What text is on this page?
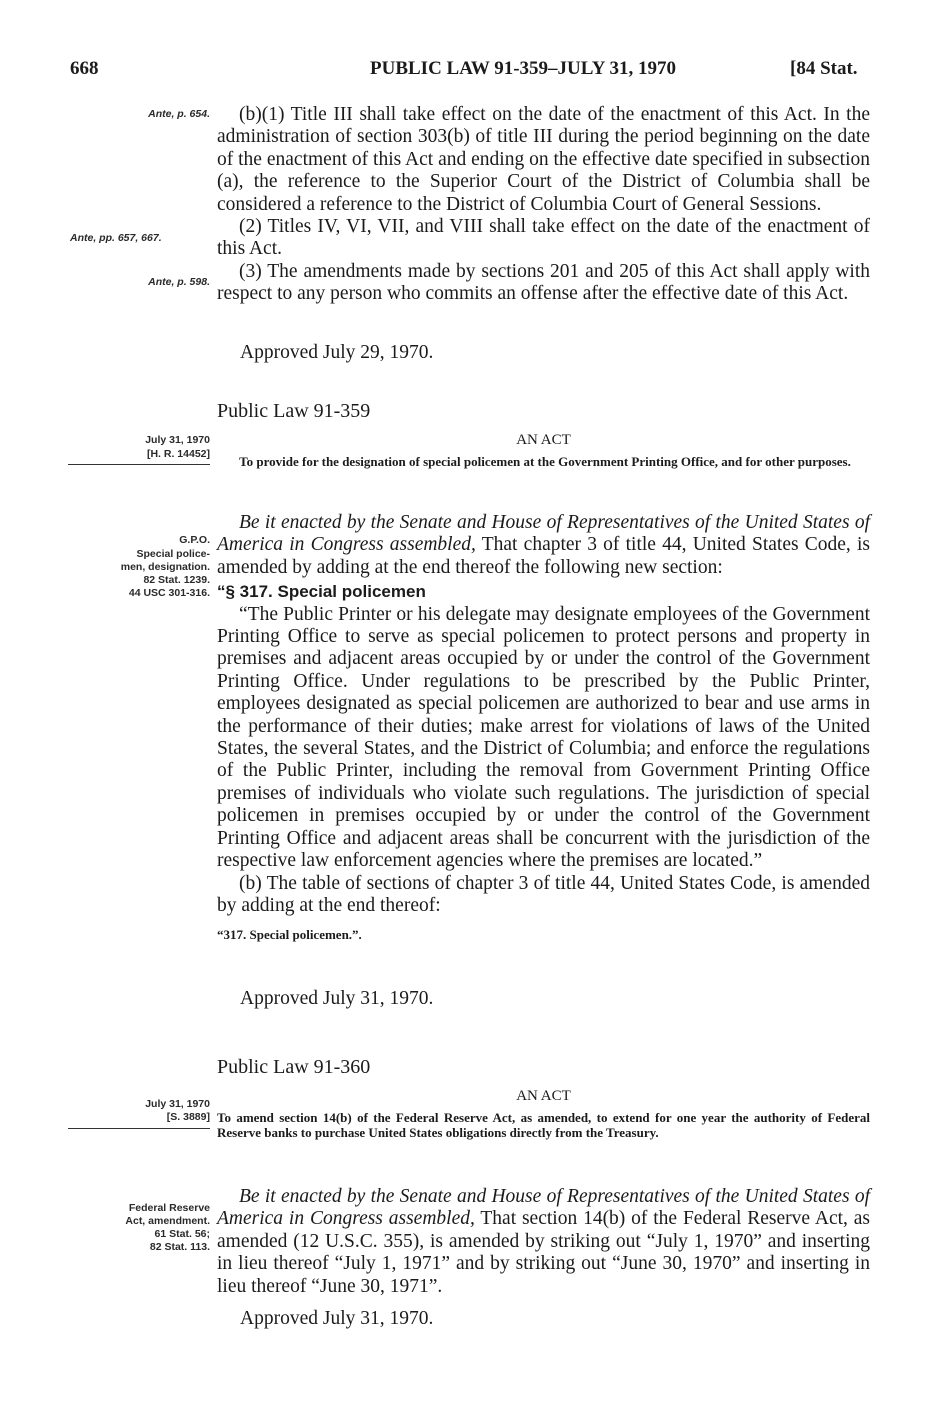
668	PUBLIC LAW 91-359–JULY 31, 1970	[84 Stat.
Ante, p. 654.
Ante, pp. 657, 667.
Ante, p. 598.

(b)(1) Title III shall take effect on the date of the enactment of this Act. In the administration of section 303(b) of title III during the period beginning on the date of the enactment of this Act and ending on the effective date specified in subsection (a), the reference to the Superior Court of the District of Columbia shall be considered a reference to the District of Columbia Court of General Sessions.

(2) Titles IV, VI, VII, and VIII shall take effect on the date of the enactment of this Act.

(3) The amendments made by sections 201 and 205 of this Act shall apply with respect to any person who commits an offense after the effective date of this Act.

Approved July 29, 1970.
Public Law 91-359
July 31, 1970
[H. R. 14452]
AN ACT
To provide for the designation of special policemen at the Government Printing Office, and for other purposes.
G.P.O.
Special police-
men, designation.
82 Stat. 1239.
44 USC 301-316.

Be it enacted by the Senate and House of Representatives of the United States of America in Congress assembled, That chapter 3 of title 44, United States Code, is amended by adding at the end thereof the following new section:

“§ 317. Special policemen

“The Public Printer or his delegate may designate employees of the Government Printing Office to serve as special policemen to protect persons and property in premises and adjacent areas occupied by or under the control of the Government Printing Office. Under regulations to be prescribed by the Public Printer, employees designated as special policemen are authorized to bear and use arms in the performance of their duties; make arrest for violations of laws of the United States, the several States, and the District of Columbia; and enforce the regulations of the Public Printer, including the removal from Government Printing Office premises of individuals who violate such regulations. The jurisdiction of special policemen in premises occupied by or under the control of the Government Printing Office and adjacent areas shall be concurrent with the jurisdiction of the respective law enforcement agencies where the premises are located.”

(b) The table of sections of chapter 3 of title 44, United States Code, is amended by adding at the end thereof:

“317. Special policemen.”.

Approved July 31, 1970.
Public Law 91-360
July 31, 1970
[S. 3889]
AN ACT
To amend section 14(b) of the Federal Reserve Act, as amended, to extend for one year the authority of Federal Reserve banks to purchase United States obligations directly from the Treasury.
Federal Reserve
Act, amendment.
61 Stat. 56;
82 Stat. 113.

Be it enacted by the Senate and House of Representatives of the United States of America in Congress assembled, That section 14(b) of the Federal Reserve Act, as amended (12 U.S.C. 355), is amended by striking out “July 1, 1970” and inserting in lieu thereof “July 1, 1971” and by striking out “June 30, 1970” and inserting in lieu thereof “June 30, 1971”.

Approved July 31, 1970.
